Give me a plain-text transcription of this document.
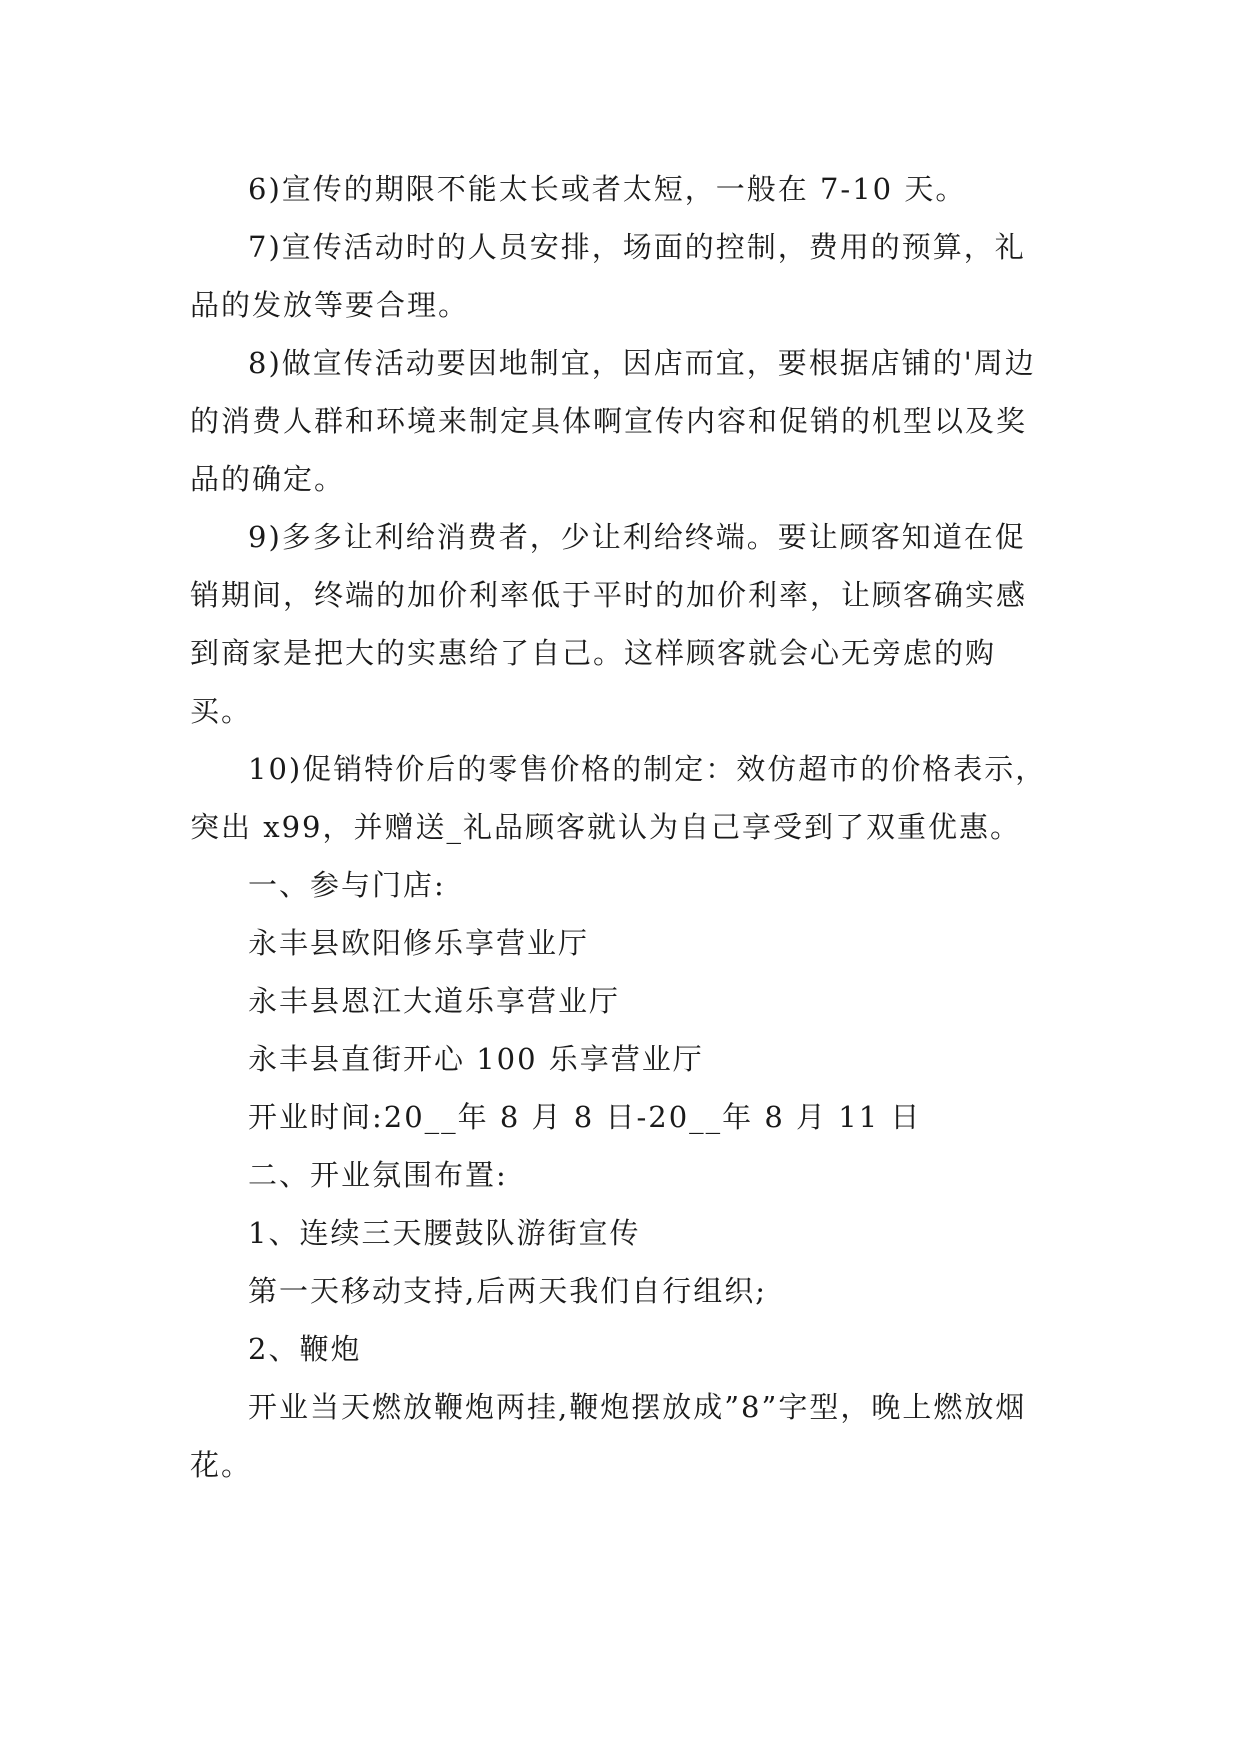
6)宣传的期限不能太长或者太短，一般在 7-10 天。

7)宣传活动时的人员安排，场面的控制，费用的预算，礼品的发放等要合理。

8)做宣传活动要因地制宜，因店而宜，要根据店铺的'周边的消费人群和环境来制定具体啊宣传内容和促销的机型以及奖品的确定。

9)多多让利给消费者，少让利给终端。要让顾客知道在促销期间，终端的加价利率低于平时的加价利率，让顾客确实感到商家是把大的实惠给了自己。这样顾客就会心无旁虑的购买。

10)促销特价后的零售价格的制定：效仿超市的价格表示，突出 x99，并赠送_礼品顾客就认为自己享受到了双重优惠。

一、参与门店:

永丰县欧阳修乐享营业厅

永丰县恩江大道乐享营业厅

永丰县直街开心 100 乐享营业厅

开业时间:20__年 8 月 8 日-20__年 8 月 11 日

二、开业氛围布置:

1、连续三天腰鼓队游街宣传

第一天移动支持,后两天我们自行组织;

2、鞭炮

开业当天燃放鞭炮两挂,鞭炮摆放成”8”字型，晚上燃放烟花。
